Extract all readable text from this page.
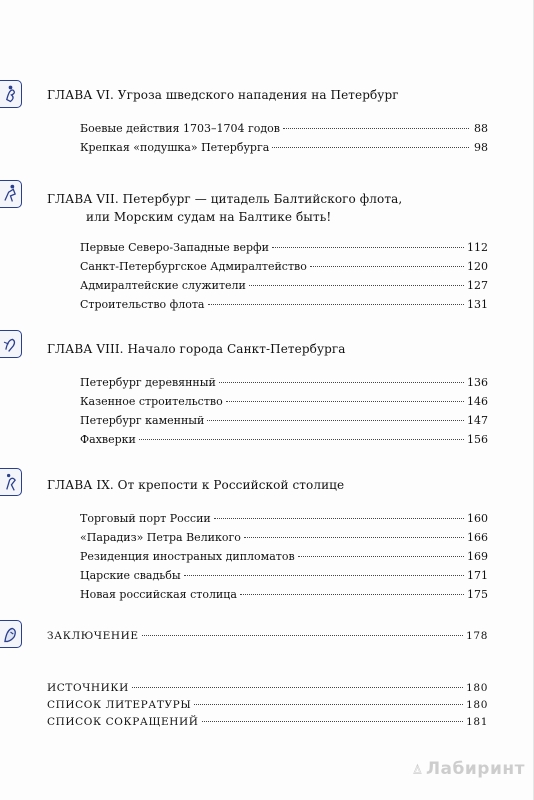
ГЛАВА VI. Угроза шведского нападения на Петербург
Боевые действия 1703–1704 годов	88
Крепкая «подушка» Петербурга	98
ГЛАВА VII. Петербург — цитадель Балтийского флота,
или Морским судам на Балтике быть!
Первые Северо-Западные верфи	112
Санкт-Петербургское Адмиралтейство	120
Адмиралтейские служители	127
Строительство флота	131
ГЛАВА VIII. Начало города Санкт-Петербурга
Петербург деревянный	136
Казенное строительство	146
Петербург каменный	147
Фахверки	156
ГЛАВА IX. От крепости к Российской столице
Торговый порт России	160
«Парадиз» Петра Великого	166
Резиденция иностраных дипломатов	169
Царские свадьбы	171
Новая российская столица	175
ЗАКЛЮЧЕНИЕ	178
ИСТОЧНИКИ	180
СПИСОК ЛИТЕРАТУРЫ	180
СПИСОК СОКРАЩЕНИЙ	181
Лабиринт
